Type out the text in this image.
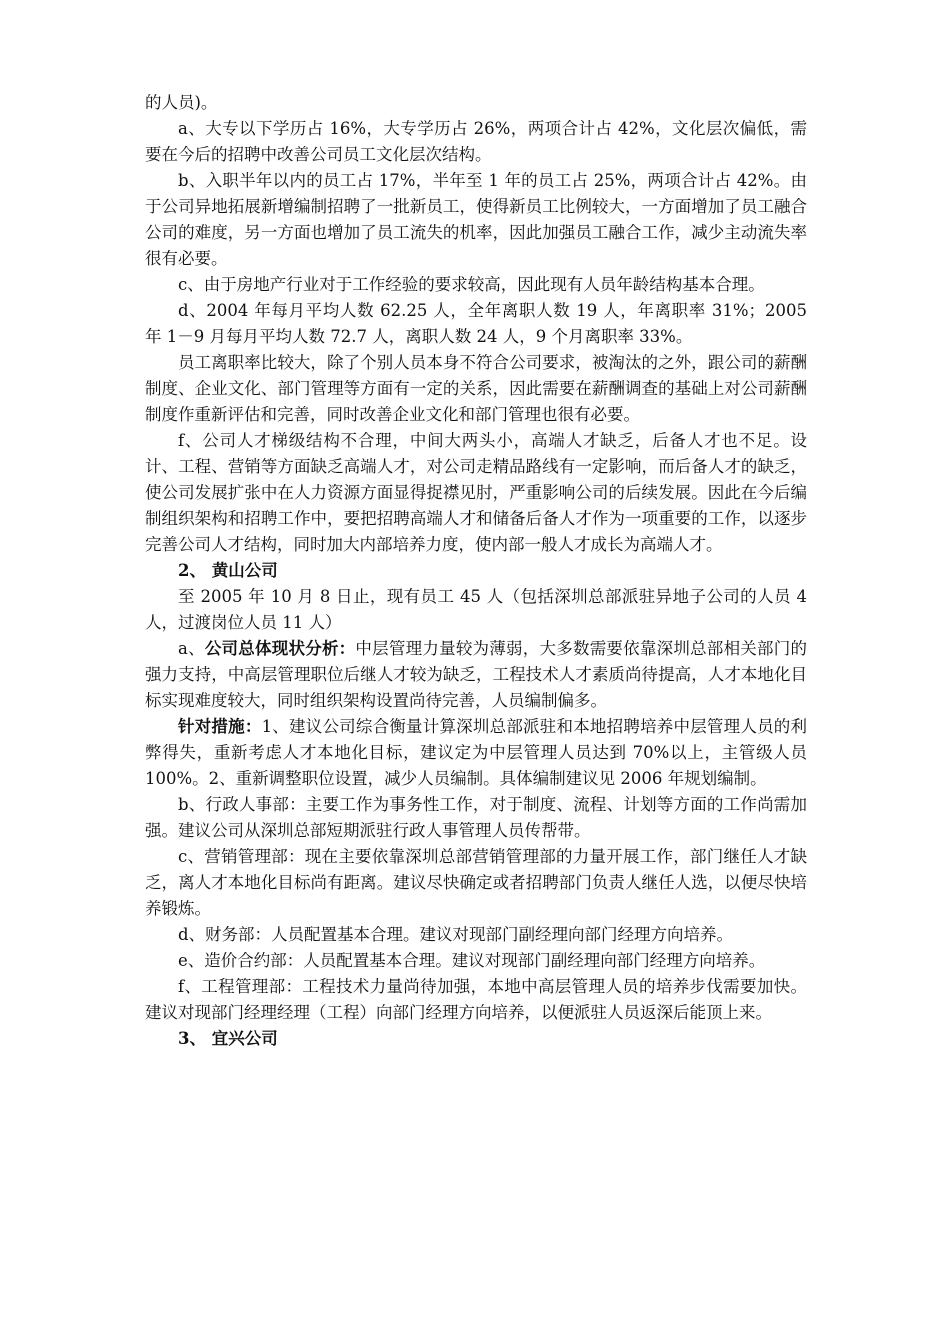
的人员)。

a、大专以下学历占 16%，大专学历占 26%，两项合计占 42%，文化层次偏低，需要在今后的招聘中改善公司员工文化层次结构。

b、入职半年以内的员工占 17%，半年至 1 年的员工占 25%，两项合计占 42%。由于公司异地拓展新增编制招聘了一批新员工，使得新员工比例较大，一方面增加了员工融合公司的难度，另一方面也增加了员工流失的机率，因此加强员工融合工作，减少主动流失率很有必要。

c、由于房地产行业对于工作经验的要求较高，因此现有人员年龄结构基本合理。

d、2004 年每月平均人数 62.25 人，全年离职人数 19 人，年离职率 31%；2005 年 1－9 月每月平均人数 72.7 人，离职人数 24 人，9 个月离职率 33%。

员工离职率比较大，除了个别人员本身不符合公司要求，被淘汰的之外，跟公司的薪酬制度、企业文化、部门管理等方面有一定的关系，因此需要在薪酬调查的基础上对公司薪酬制度作重新评估和完善，同时改善企业文化和部门管理也很有必要。

f、公司人才梯级结构不合理，中间大两头小，高端人才缺乏，后备人才也不足。设计、工程、营销等方面缺乏高端人才，对公司走精品路线有一定影响，而后备人才的缺乏，使公司发展扩张中在人力资源方面显得捉襟见肘，严重影响公司的后续发展。因此在今后编制组织架构和招聘工作中，要把招聘高端人才和储备后备人才作为一项重要的工作，以逐步完善公司人才结构，同时加大内部培养力度，使内部一般人才成长为高端人才。

2、 黄山公司

至 2005 年 10 月 8 日止，现有员工 45 人（包括深圳总部派驻异地子公司的人员 4 人，过渡岗位人员 11 人）

a、公司总体现状分析：中层管理力量较为薄弱，大多数需要依靠深圳总部相关部门的强力支持，中高层管理职位后继人才较为缺乏，工程技术人才素质尚待提高，人才本地化目标实现难度较大，同时组织架构设置尚待完善，人员编制偏多。

针对措施：1、建议公司综合衡量计算深圳总部派驻和本地招聘培养中层管理人员的利弊得失，重新考虑人才本地化目标，建议定为中层管理人员达到 70%以上，主管级人员 100%。2、重新调整职位设置，减少人员编制。具体编制建议见 2006 年规划编制。

b、行政人事部：主要工作为事务性工作，对于制度、流程、计划等方面的工作尚需加强。建议公司从深圳总部短期派驻行政人事管理人员传帮带。

c、营销管理部：现在主要依靠深圳总部营销管理部的力量开展工作，部门继任人才缺乏，离人才本地化目标尚有距离。建议尽快确定或者招聘部门负责人继任人选，以便尽快培养锻炼。

d、财务部：人员配置基本合理。建议对现部门副经理向部门经理方向培养。

e、造价合约部：人员配置基本合理。建议对现部门副经理向部门经理方向培养。

f、工程管理部：工程技术力量尚待加强，本地中高层管理人员的培养步伐需要加快。建议对现部门经理经理（工程）向部门经理方向培养，以便派驻人员返深后能顶上来。

3、 宜兴公司
